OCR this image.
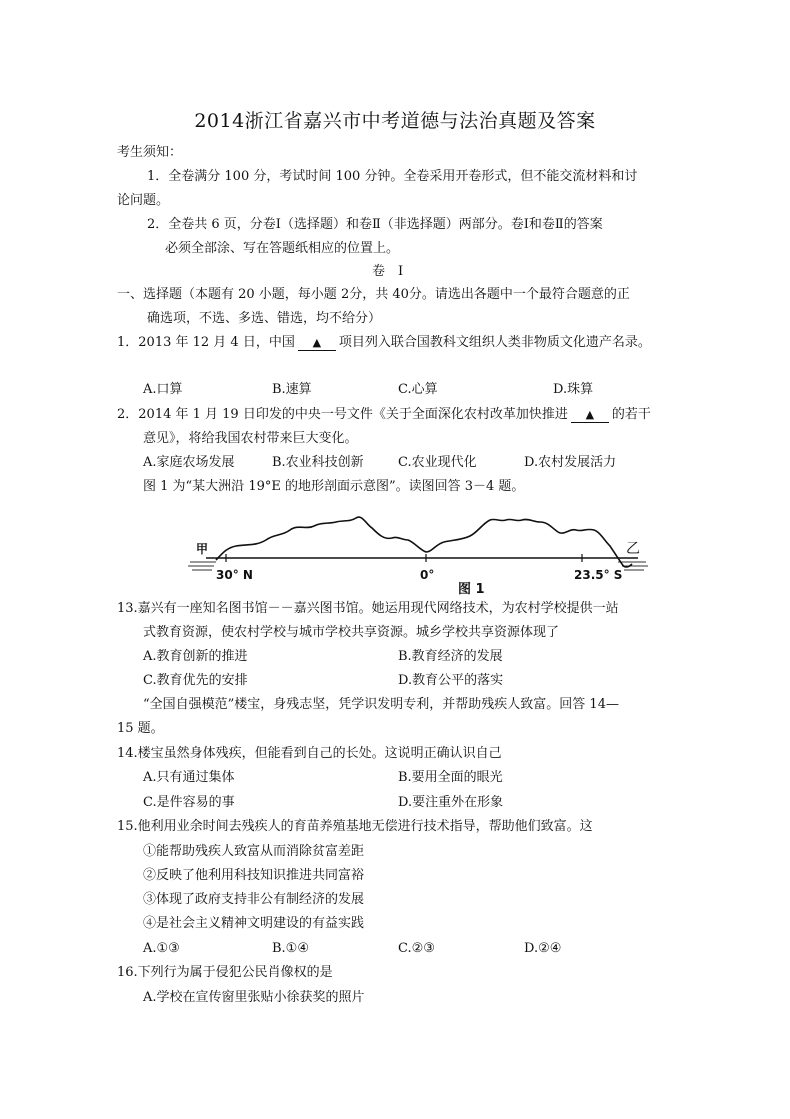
2014浙江省嘉兴市中考道德与法治真题及答案
考生须知：
1．全卷满分 100 分，考试时间 100 分钟。全卷采用开卷形式，但不能交流材料和讨
论问题。
2．全卷共 6 页，分卷Ⅰ（选择题）和卷Ⅱ（非选择题）两部分。卷Ⅰ和卷Ⅱ的答案
必须全部涂、写在答题纸相应的位置上。
卷　Ⅰ
一、选择题（本题有 20 小题，每小题 2分，共 40分。请选出各题中一个最符合题意的正
确选项，不选、多选、错选，均不给分）
1．2013 年 12 月 4 日，中国 ▲ 项目列入联合国教科文组织人类非物质文化遗产名录。
A.口算	B.速算	C.心算	D.珠算
2．2014 年 1 月 19 日印发的中央一号文件《关于全面深化农村改革加快推进 ▲ 的若干
意见》，将给我国农村带来巨大变化。
A.家庭农场发展	B.农业科技创新	C.农业现代化	D.农村发展活力
图 1 为“某大洲沿 19°E 的地形剖面示意图”。读图回答 3－4 题。
甲	乙
30° N	0°	23.5° S
图 1
13.嘉兴有一座知名图书馆－－嘉兴图书馆。她运用现代网络技术，为农村学校提供一站
式教育资源，使农村学校与城市学校共享资源。城乡学校共享资源体现了
A.教育创新的推进	B.教育经济的发展
C.教育优先的安排	D.教育公平的落实
“全国自强模范”楼宝，身残志坚，凭学识发明专利，并帮助残疾人致富。回答 14—
15 题。
14.楼宝虽然身体残疾，但能看到自己的长处。这说明正确认识自己
A.只有通过集体	B.要用全面的眼光
C.是件容易的事	D.要注重外在形象
15.他利用业余时间去残疾人的育苗养殖基地无偿进行技术指导，帮助他们致富。这
①能帮助残疾人致富从而消除贫富差距
②反映了他利用科技知识推进共同富裕
③体现了政府支持非公有制经济的发展
④是社会主义精神文明建设的有益实践
A.①③	B.①④	C.②③	D.②④
16.下列行为属于侵犯公民肖像权的是
A.学校在宣传窗里张贴小徐获奖的照片
